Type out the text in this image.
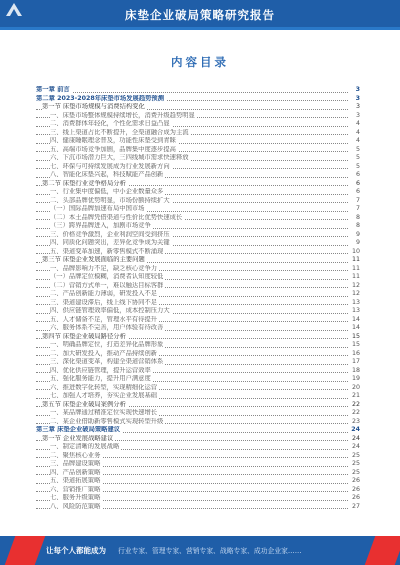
床垫企业破局策略研究报告
内容目录
第一章 前言	3
第二章 2023-2028年床垫市场发展趋势预测	3
第一节 床垫市场规模与消费结构变化	3
一、床垫市场整体规模持续增长，消费升级趋势明显	3
二、消费群体年轻化，个性化需求日益凸显	4
三、线上渠道占比不断提升，全渠道融合成为主流	4
四、健康睡眠理念普及，功能性床垫受到青睐	4
五、高端市场竞争加剧，品牌集中度逐步提高	5
六、下沉市场潜力巨大，三四线城市需求快速释放	5
七、环保与可持续发展成为行业发展新方向	5
八、智能化床垫兴起，科技赋能产品创新	6
第二节 床垫行业竞争格局分析	6
一、行业集中度偏低，中小企业数量众多	6
二、头部品牌优势明显，市场份额持续扩大	7
（一）国际品牌加速布局中国市场	7
（二）本土品牌凭借渠道与性价比优势快速成长	8
（三）跨界品牌进入，加剧市场竞争	8
三、价格竞争激烈，企业利润空间受到挤压	9
四、同质化问题突出，差异化竞争成为关键	9
五、渠道变革加速，新零售模式不断涌现	10
第三节 床垫企业发展面临的主要问题	11
一、品牌影响力不足，缺乏核心竞争力	11
（一）品牌定位模糊，消费者认知度较低	11
（二）营销方式单一，难以触达目标客群	12
二、产品创新能力薄弱，研发投入不足	12
三、渠道建设滞后，线上线下协同不足	13
四、供应链管理效率偏低，成本控制压力大	13
五、人才储备不足，管理水平有待提升	14
六、服务体系不完善，用户体验有待改善	14
第四节 床垫企业破局路径分析	15
一、明确品牌定位，打造差异化品牌形象	15
二、加大研发投入，推动产品持续创新	16
三、深化渠道变革，构建全渠道营销体系	17
四、优化供应链管理，提升运营效率	18
五、强化服务能力，提升用户满意度	19
六、推进数字化转型，实现精细化运营	20
七、加强人才培养，夯实企业发展基础	21
第五节 床垫企业破局案例分析	22
一、某品牌通过精准定位实现快速增长	22
二、某企业借助新零售模式实现转型升级	23
第三章 床垫企业破局策略建议	24
第一节 企业发展战略建议	24
一、制定清晰的发展战略	24
二、聚焦核心业务	25
三、品牌建设策略	25
四、产品创新策略	25
五、渠道拓展策略	26
六、营销推广策略	26
七、服务升级策略	26
八、风险防范策略	27
让每个人都能成为 行业专家、管理专家、营销专家、战略专家、成功企业家……
